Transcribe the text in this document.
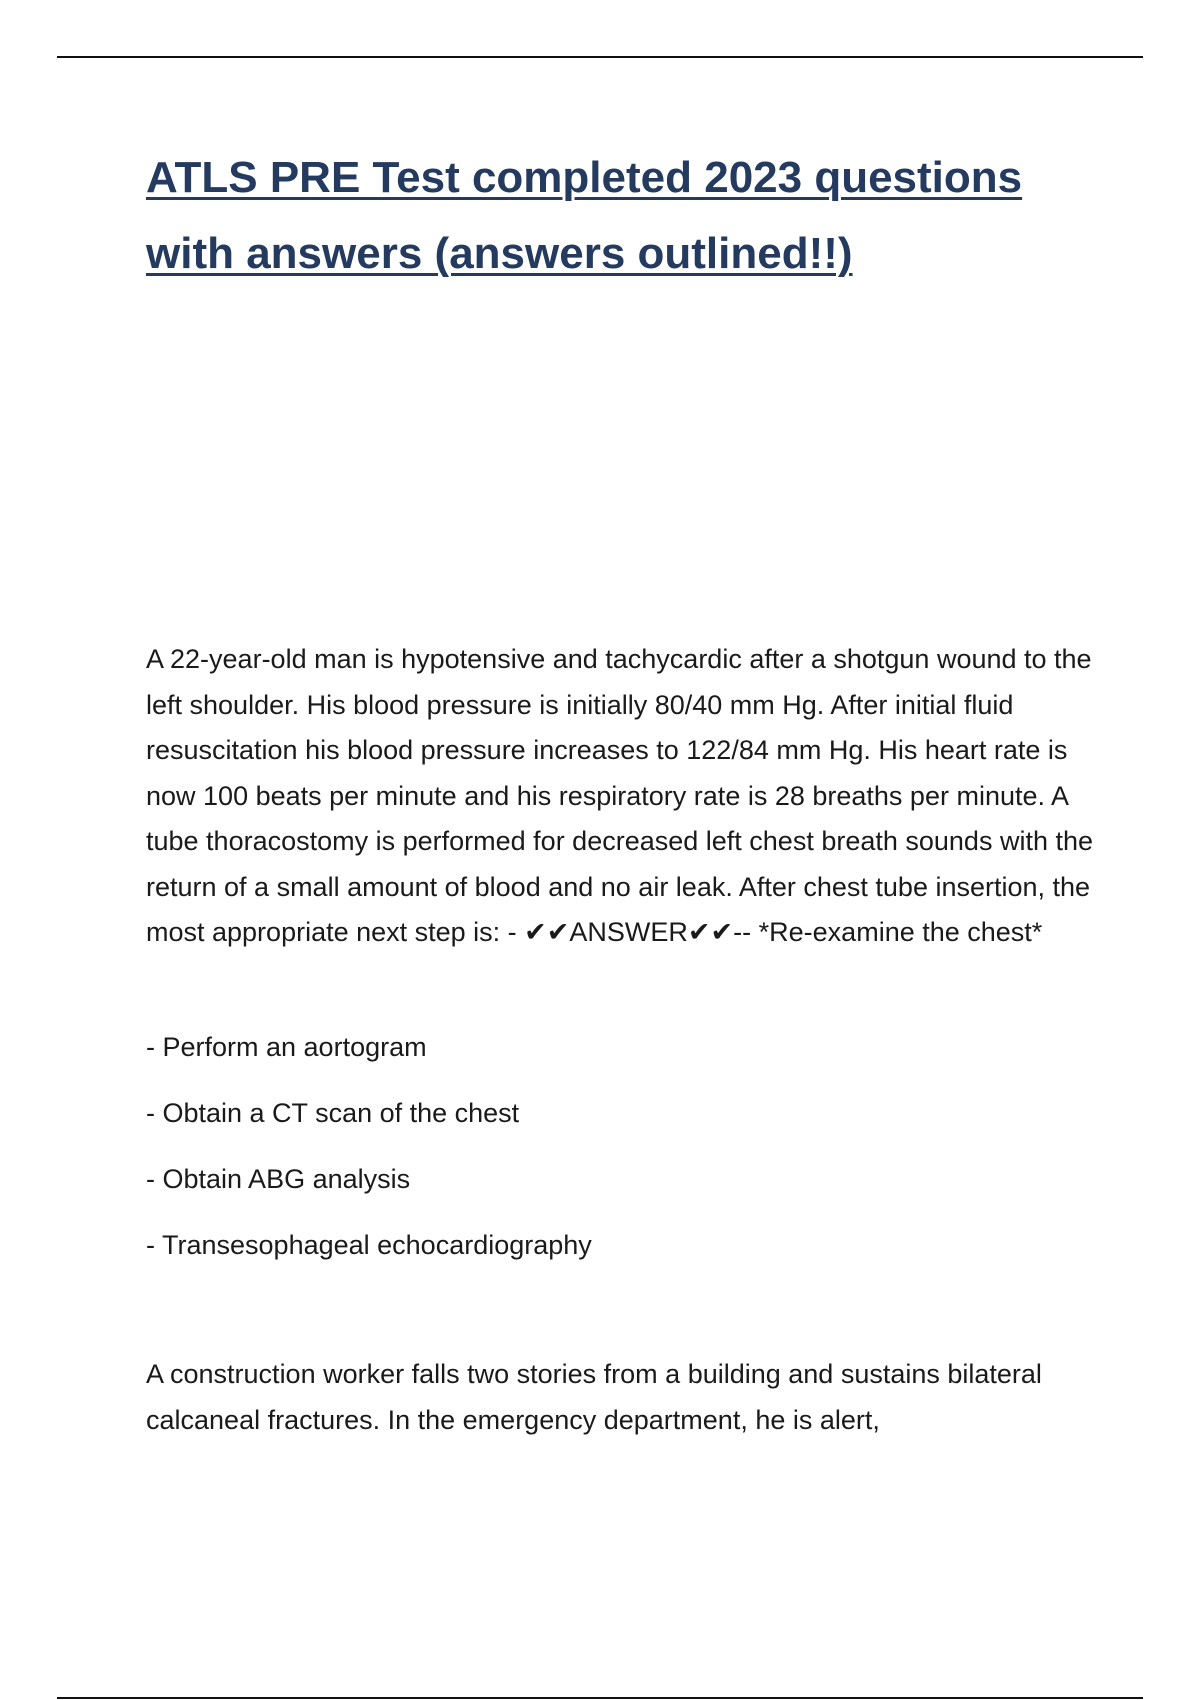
ATLS PRE Test completed 2023 questions with answers (answers outlined!!)

A 22-year-old man is hypotensive and tachycardic after a shotgun wound to the left shoulder. His blood pressure is initially 80/40 mm Hg. After initial fluid resuscitation his blood pressure increases to 122/84 mm Hg. His heart rate is now 100 beats per minute and his respiratory rate is 28 breaths per minute. A tube thoracostomy is performed for decreased left chest breath sounds with the return of a small amount of blood and no air leak. After chest tube insertion, the most appropriate next step is: - ✔✔ANSWER✔✔-- *Re-examine the chest*

- Perform an aortogram
- Obtain a CT scan of the chest
- Obtain ABG analysis
- Transesophageal echocardiography

A construction worker falls two stories from a building and sustains bilateral calcaneal fractures. In the emergency department, he is alert,
